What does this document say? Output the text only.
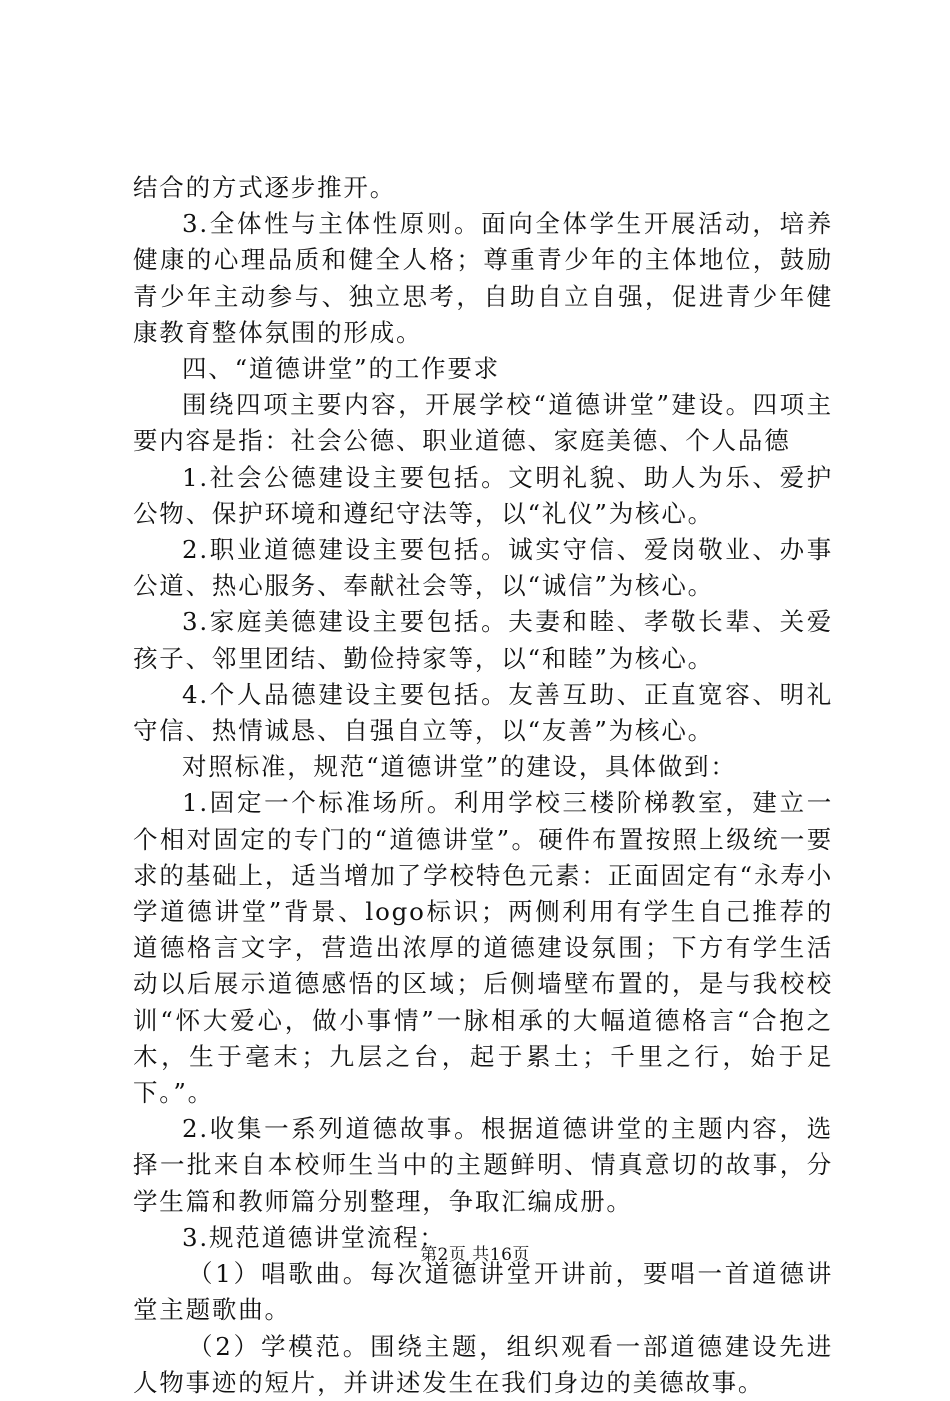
结合的方式逐步推开。

3.全体性与主体性原则。面向全体学生开展活动，培养健康的心理品质和健全人格；尊重青少年的主体地位，鼓励青少年主动参与、独立思考，自助自立自强，促进青少年健康教育整体氛围的形成。

四、“道德讲堂”的工作要求

围绕四项主要内容，开展学校“道德讲堂”建设。四项主要内容是指：社会公德、职业道德、家庭美德、个人品德

1.社会公德建设主要包括。文明礼貌、助人为乐、爱护公物、保护环境和遵纪守法等，以“礼仪”为核心。

2.职业道德建设主要包括。诚实守信、爱岗敬业、办事公道、热心服务、奉献社会等，以“诚信”为核心。

3.家庭美德建设主要包括。夫妻和睦、孝敬长辈、关爱孩子、邻里团结、勤俭持家等，以“和睦”为核心。

4.个人品德建设主要包括。友善互助、正直宽容、明礼守信、热情诚恳、自强自立等，以“友善”为核心。

对照标准，规范“道德讲堂”的建设，具体做到：

1.固定一个标准场所。利用学校三楼阶梯教室，建立一个相对固定的专门的“道德讲堂”。硬件布置按照上级统一要求的基础上，适当增加了学校特色元素：正面固定有“永寿小学道德讲堂”背景、logo标识；两侧利用有学生自己推荐的道德格言文字，营造出浓厚的道德建设氛围；下方有学生活动以后展示道德感悟的区域；后侧墙壁布置的，是与我校校训“怀大爱心，做小事情”一脉相承的大幅道德格言“合抱之木，生于毫末；九层之台，起于累土；千里之行，始于足下。”。

2.收集一系列道德故事。根据道德讲堂的主题内容，选择一批来自本校师生当中的主题鲜明、情真意切的故事，分学生篇和教师篇分别整理，争取汇编成册。

3.规范道德讲堂流程：

（1）唱歌曲。每次道德讲堂开讲前，要唱一首道德讲堂主题歌曲。

（2）学模范。围绕主题，组织观看一部道德建设先进人物事迹的短片，并讲述发生在我们身边的美德故事。

第2页 共16页
